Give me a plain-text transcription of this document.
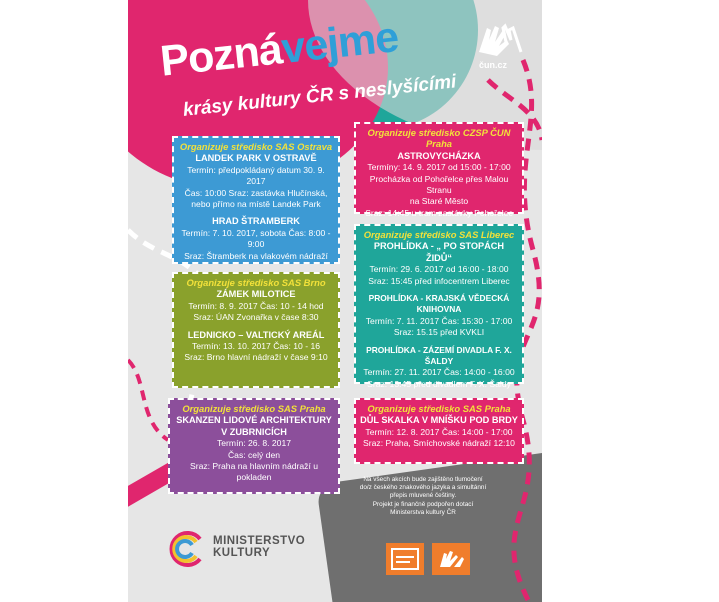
Poznávejme
krásy kultury ČR s neslyšícími
čun.cz
Organizuje středisko SAS Ostrava
LANDEK PARK V OSTRAVĚ
Termín: předpokládaný datum 30. 9. 2017
Čas: 10:00 Sraz: zastávka Hlučínská,
nebo přímo na místě Landek Park
HRAD ŠTRAMBERK
Termín: 7. 10. 2017, sobota Čas: 8:00 - 9:00
Sraz: Štramberk na vlakovém nádraží
Organizuje středisko SAS Brno
ZÁMEK MILOTICE
Termín: 8. 9. 2017 Čas: 10 - 14 hod
Sraz: ÚAN Zvonařka v čase 8:30
LEDNICKO – VALTICKÝ AREÁL
Termín: 13. 10. 2017 Čas: 10 - 16
Sraz: Brno hlavní nádraží v čase 9:10
Organizuje středisko SAS Praha
SKANZEN LIDOVÉ ARCHITEKTURY
V ZUBRNICÍCH
Termín: 26. 8. 2017
Čas: celý den
Sraz: Praha na hlavním nádraží u pokladen
Organizuje středisko CZSP ČUN Praha
ASTROVYCHÁZKA
Termíny: 14. 9. 2017 od 15:00 - 17:00
Procházka od Pohořelce přes Malou Stranu
na Staré Město
Sraz: 14:45 u tram zastávky Pohořelec
Organizuje středisko SAS Liberec
PROHLÍDKA - „ PO STOPÁCH ŽIDŮ“
Termín: 29. 6. 2017 od 16:00 - 18:00
Sraz: 15:45 před infocentrem Liberec
PROHLÍDKA - KRAJSKÁ VĚDECKÁ KNIHOVNA
Termín: 7. 11. 2017 Čas: 15:30 - 17:00
Sraz: 15.15 před KVKLI
PROHLÍDKA - ZÁZEMÍ DIVADLA F. X. ŠALDY
Termín: 27. 11. 2017 Čas: 14:00 - 16:00
Sraz: 13.45 před divadlem F. X. Šaldy
Organizuje středisko SAS Praha
DŮL SKALKA V MNÍŠKU POD BRDY
Termín: 12. 8. 2017 Čas: 14:00 - 17:00
Sraz: Praha, Smíchovské nádraží 12:10
Na všech akcích bude zajištěno tlumočení
do/z českého znakového jazyka a simultánní
přepis mluvené češtiny.
Projekt je finančně podpořen dotací
Ministerstva kultury ČR
MINISTERSTVO
KULTURY
